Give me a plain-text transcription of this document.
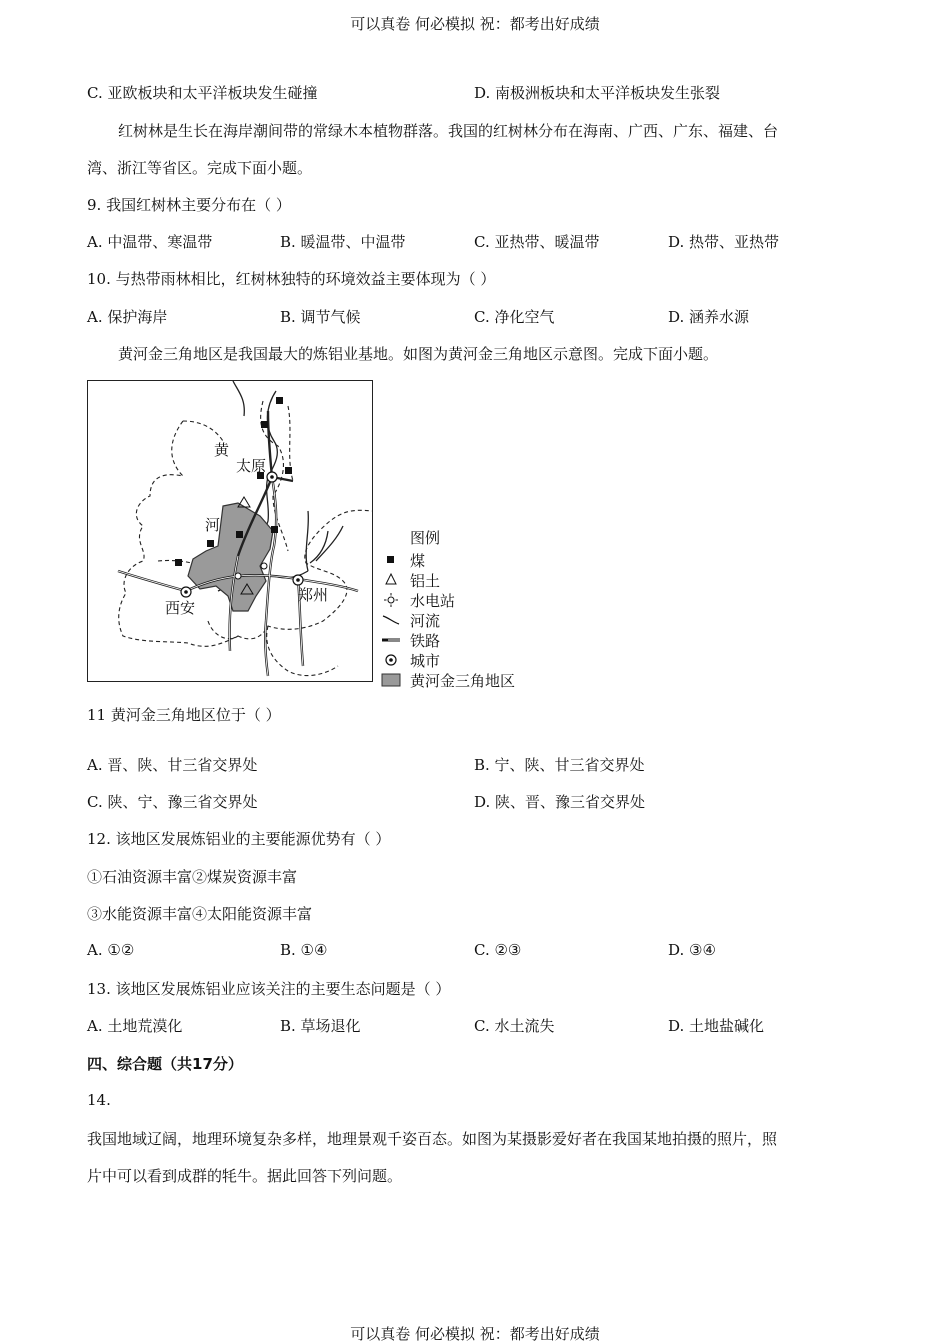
可以真卷 何必模拟 祝：都考出好成绩
C. 亚欧板块和太平洋板块发生碰撞	D. 南极洲板块和太平洋板块发生张裂
红树林是生长在海岸潮间带的常绿木本植物群落。我国的红树林分布在海南、广西、广东、福建、台
湾、浙江等省区。完成下面小题。
9. 我国红树林主要分布在（ ）
A. 中温带、寒温带	B. 暖温带、中温带	C. 亚热带、暖温带	D. 热带、亚热带
10. 与热带雨林相比，红树林独特的环境效益主要体现为（ ）
A. 保护海岸	B. 调节气候	C. 净化空气	D. 涵养水源
黄河金三角地区是我国最大的炼铝业基地。如图为黄河金三角地区示意图。完成下面小题。
黄
太原
河
西安
郑州
图例
煤
铝土
水电站
河流
铁路
城市
黄河金三角地区
11 黄河金三角地区位于（ ）
A. 晋、陕、甘三省交界处	B. 宁、陕、甘三省交界处
C. 陕、宁、豫三省交界处	D. 陕、晋、豫三省交界处
12. 该地区发展炼铝业的主要能源优势有（ ）
①石油资源丰富②煤炭资源丰富
③水能资源丰富④太阳能资源丰富
A. ①②	B. ①④	C. ②③	D. ③④
13. 该地区发展炼铝业应该关注的主要生态问题是（ ）
A. 土地荒漠化	B. 草场退化	C. 水土流失	D. 土地盐碱化
四、综合题（共17分）
14.
我国地域辽阔，地理环境复杂多样，地理景观千姿百态。如图为某摄影爱好者在我国某地拍摄的照片，照
片中可以看到成群的牦牛。据此回答下列问题。
可以真卷 何必模拟 祝：都考出好成绩
